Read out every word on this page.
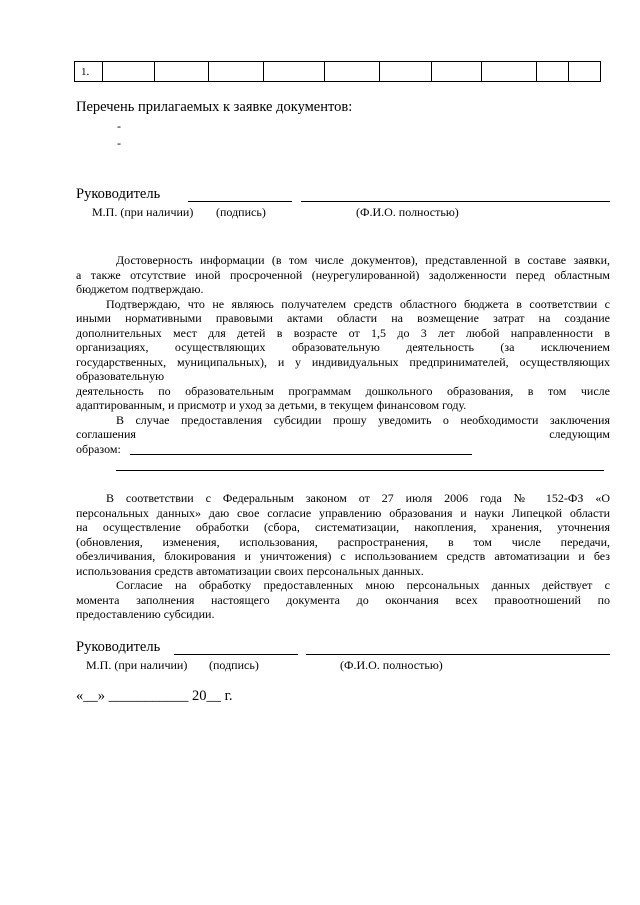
1.										
Перечень прилагаемых к заявке документов:
-
-
Руководитель
М.П. (при наличии) (подпись)	(Ф.И.О. полностью)
Достоверность информации (в том числе документов), представленной в составе заявки,
а также отсутствие иной просроченной (неурегулированной) задолженности перед областным
бюджетом подтверждаю.
Подтверждаю, что не являюсь получателем средств областного бюджета в соответствии с
иными нормативными правовыми актами области на возмещение затрат на создание
дополнительных мест для детей в возрасте от 1,5 до 3 лет любой направленности в
организациях, осуществляющих образовательную деятельность (за исключением
государственных, муниципальных), и у индивидуальных предпринимателей, осуществляющих
образовательную
деятельность по образовательным программам дошкольного образования, в том числе
адаптированным, и присмотр и уход за детьми, в текущем финансовом году.
В случае предоставления субсидии прошу уведомить о необходимости заключения
соглашения	следующим
образом:
В соответствии с Федеральным законом от 27 июля 2006 года № 152-ФЗ «О
персональных данных» даю свое согласие управлению образования и науки Липецкой области
на осуществление обработки (сбора, систематизации, накопления, хранения, уточнения
(обновления, изменения, использования, распространения, в том числе передачи,
обезличивания, блокирования и уничтожения) с использованием средств автоматизации и без
использования средств автоматизации своих персональных данных.
Согласие на обработку предоставленных мною персональных данных действует с
момента заполнения настоящего документа до окончания всех правоотношений по
предоставлению субсидии.
Руководитель
М.П. (при наличии) (подпись)	(Ф.И.О. полностью)
«__» ___________ 20__ г.
